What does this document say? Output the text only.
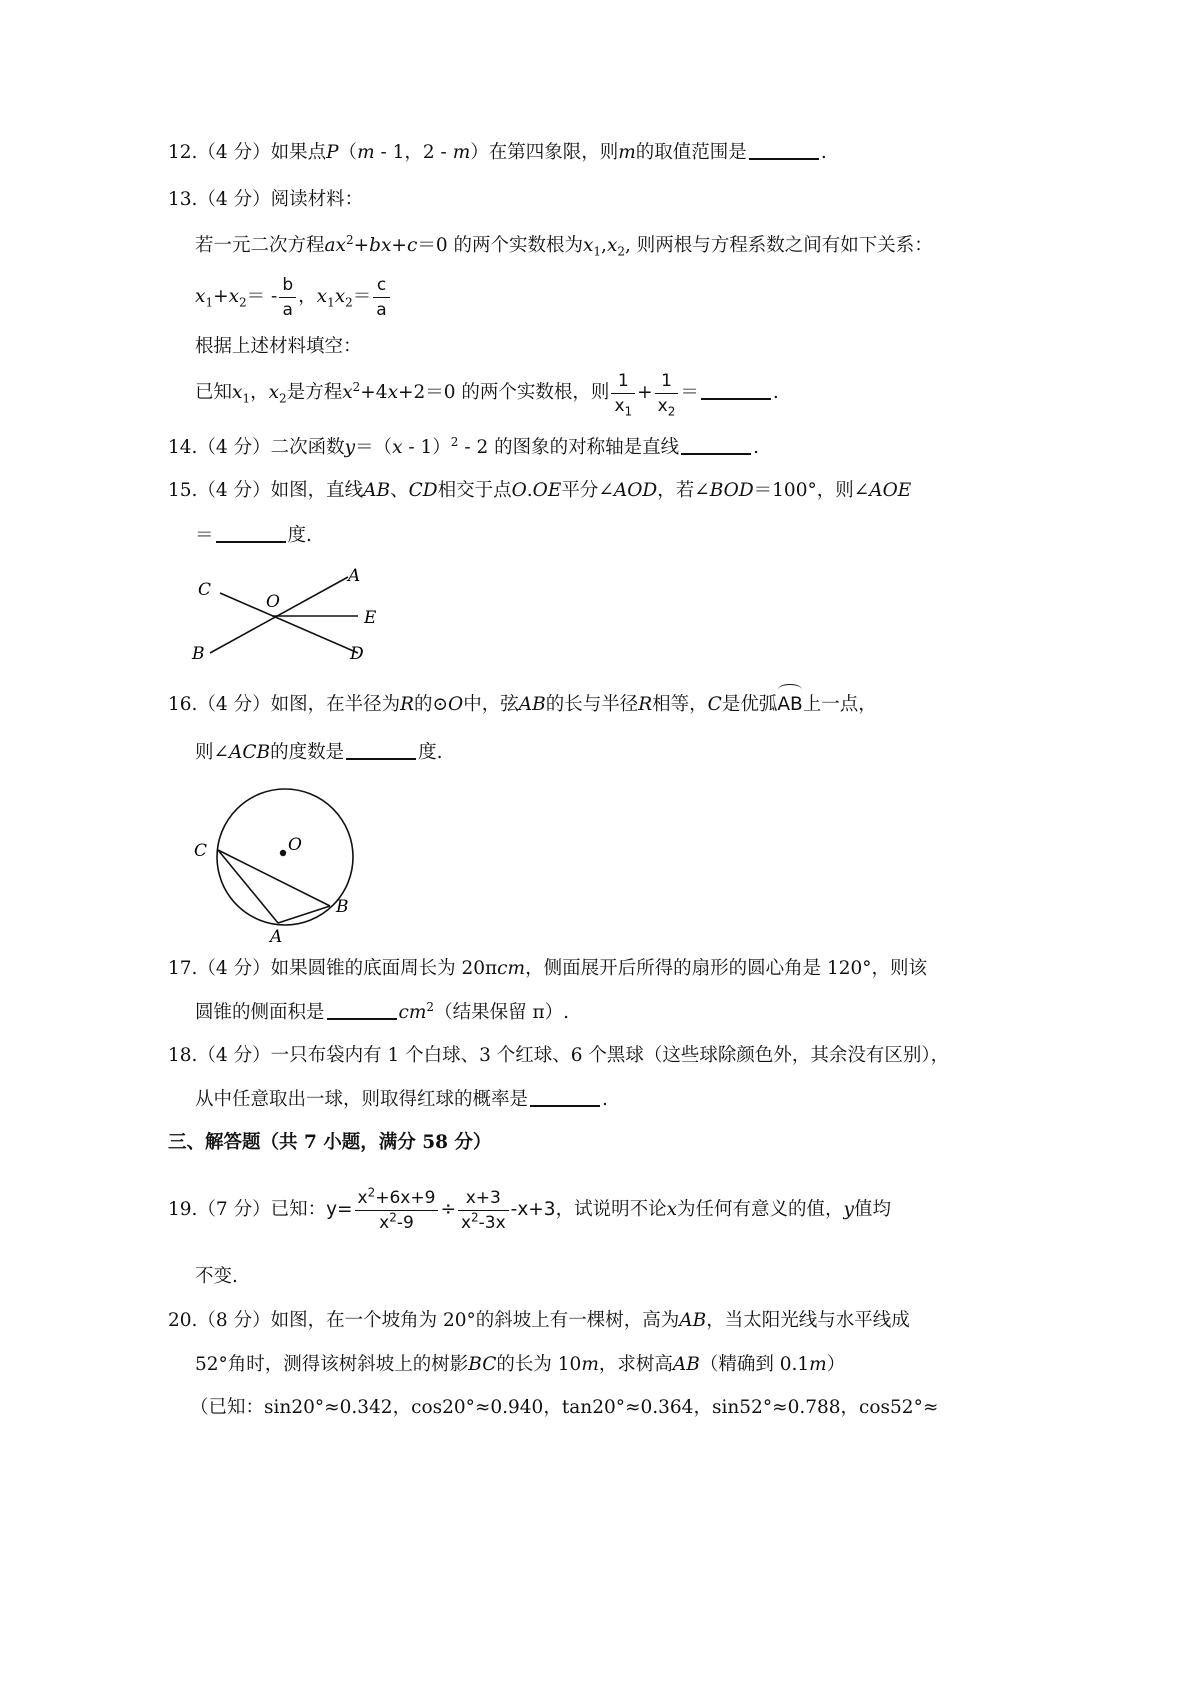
12.（4 分）如果点P（m - 1，2 - m）在第四象限，则m的取值范围是	.
13.（4 分）阅读材料：
若一元二次方程$ax^2+bx+c=0$ 的两个实数根为$x_1,x_2$, 则两根与方程系数之间有如下关系：
$x_1+x_2= - \frac{b}{a}$ ，$x_1x_2= \frac{c}{a}$
根据上述材料填空：
已知$x_1$，$x_2$是方程$x^2+4x+2=0$ 的两个实数根，则 $\frac{1}{x_1} + \frac{1}{x_2}$ ＝	.
14.（4 分）二次函数y＝（x - 1）$^2$ - 2 的图象的对称轴是直线	.
15.（4 分）如图，直线AB、CD相交于点O.OE平分∠AOD，若∠BOD＝100°，则∠AOE
＝	度.
C
O
A
E
B	D
16.（4 分）如图，在半径为R的⊙O中，弦AB的长与半径R相等，C是优弧AB上一点，
则∠ACB的度数是	度.
C	O
B
A
17.（4 分）如果圆锥的底面周长为 20πcm，侧面展开后所得的扇形的圆心角是 120°，则该
圆锥的侧面积是	$cm^2$（结果保留 π）.
18.（4 分）一只布袋内有 1 个白球、3 个红球、6 个黑球（这些球除颜色外，其余没有区别），
从中任意取出一球，则取得红球的概率是	.
三、解答题（共 7 小题，满分 58 分）
19.（7 分）已知：$y= \frac{x^2+6x+9}{x^2-9} \div \frac{x+3}{x^2-3x} -x+3$，试说明不论x为任何有意义的值，y值均
不变.
20.（8 分）如图，在一个坡角为 20°的斜坡上有一棵树，高为AB，当太阳光线与水平线成
52°角时，测得该树斜坡上的树影BC的长为 10m，求树高AB（精确到 0.1m）
（已知：sin20°≈0.342，cos20°≈0.940，tan20°≈0.364，sin52°≈0.788，cos52°≈
